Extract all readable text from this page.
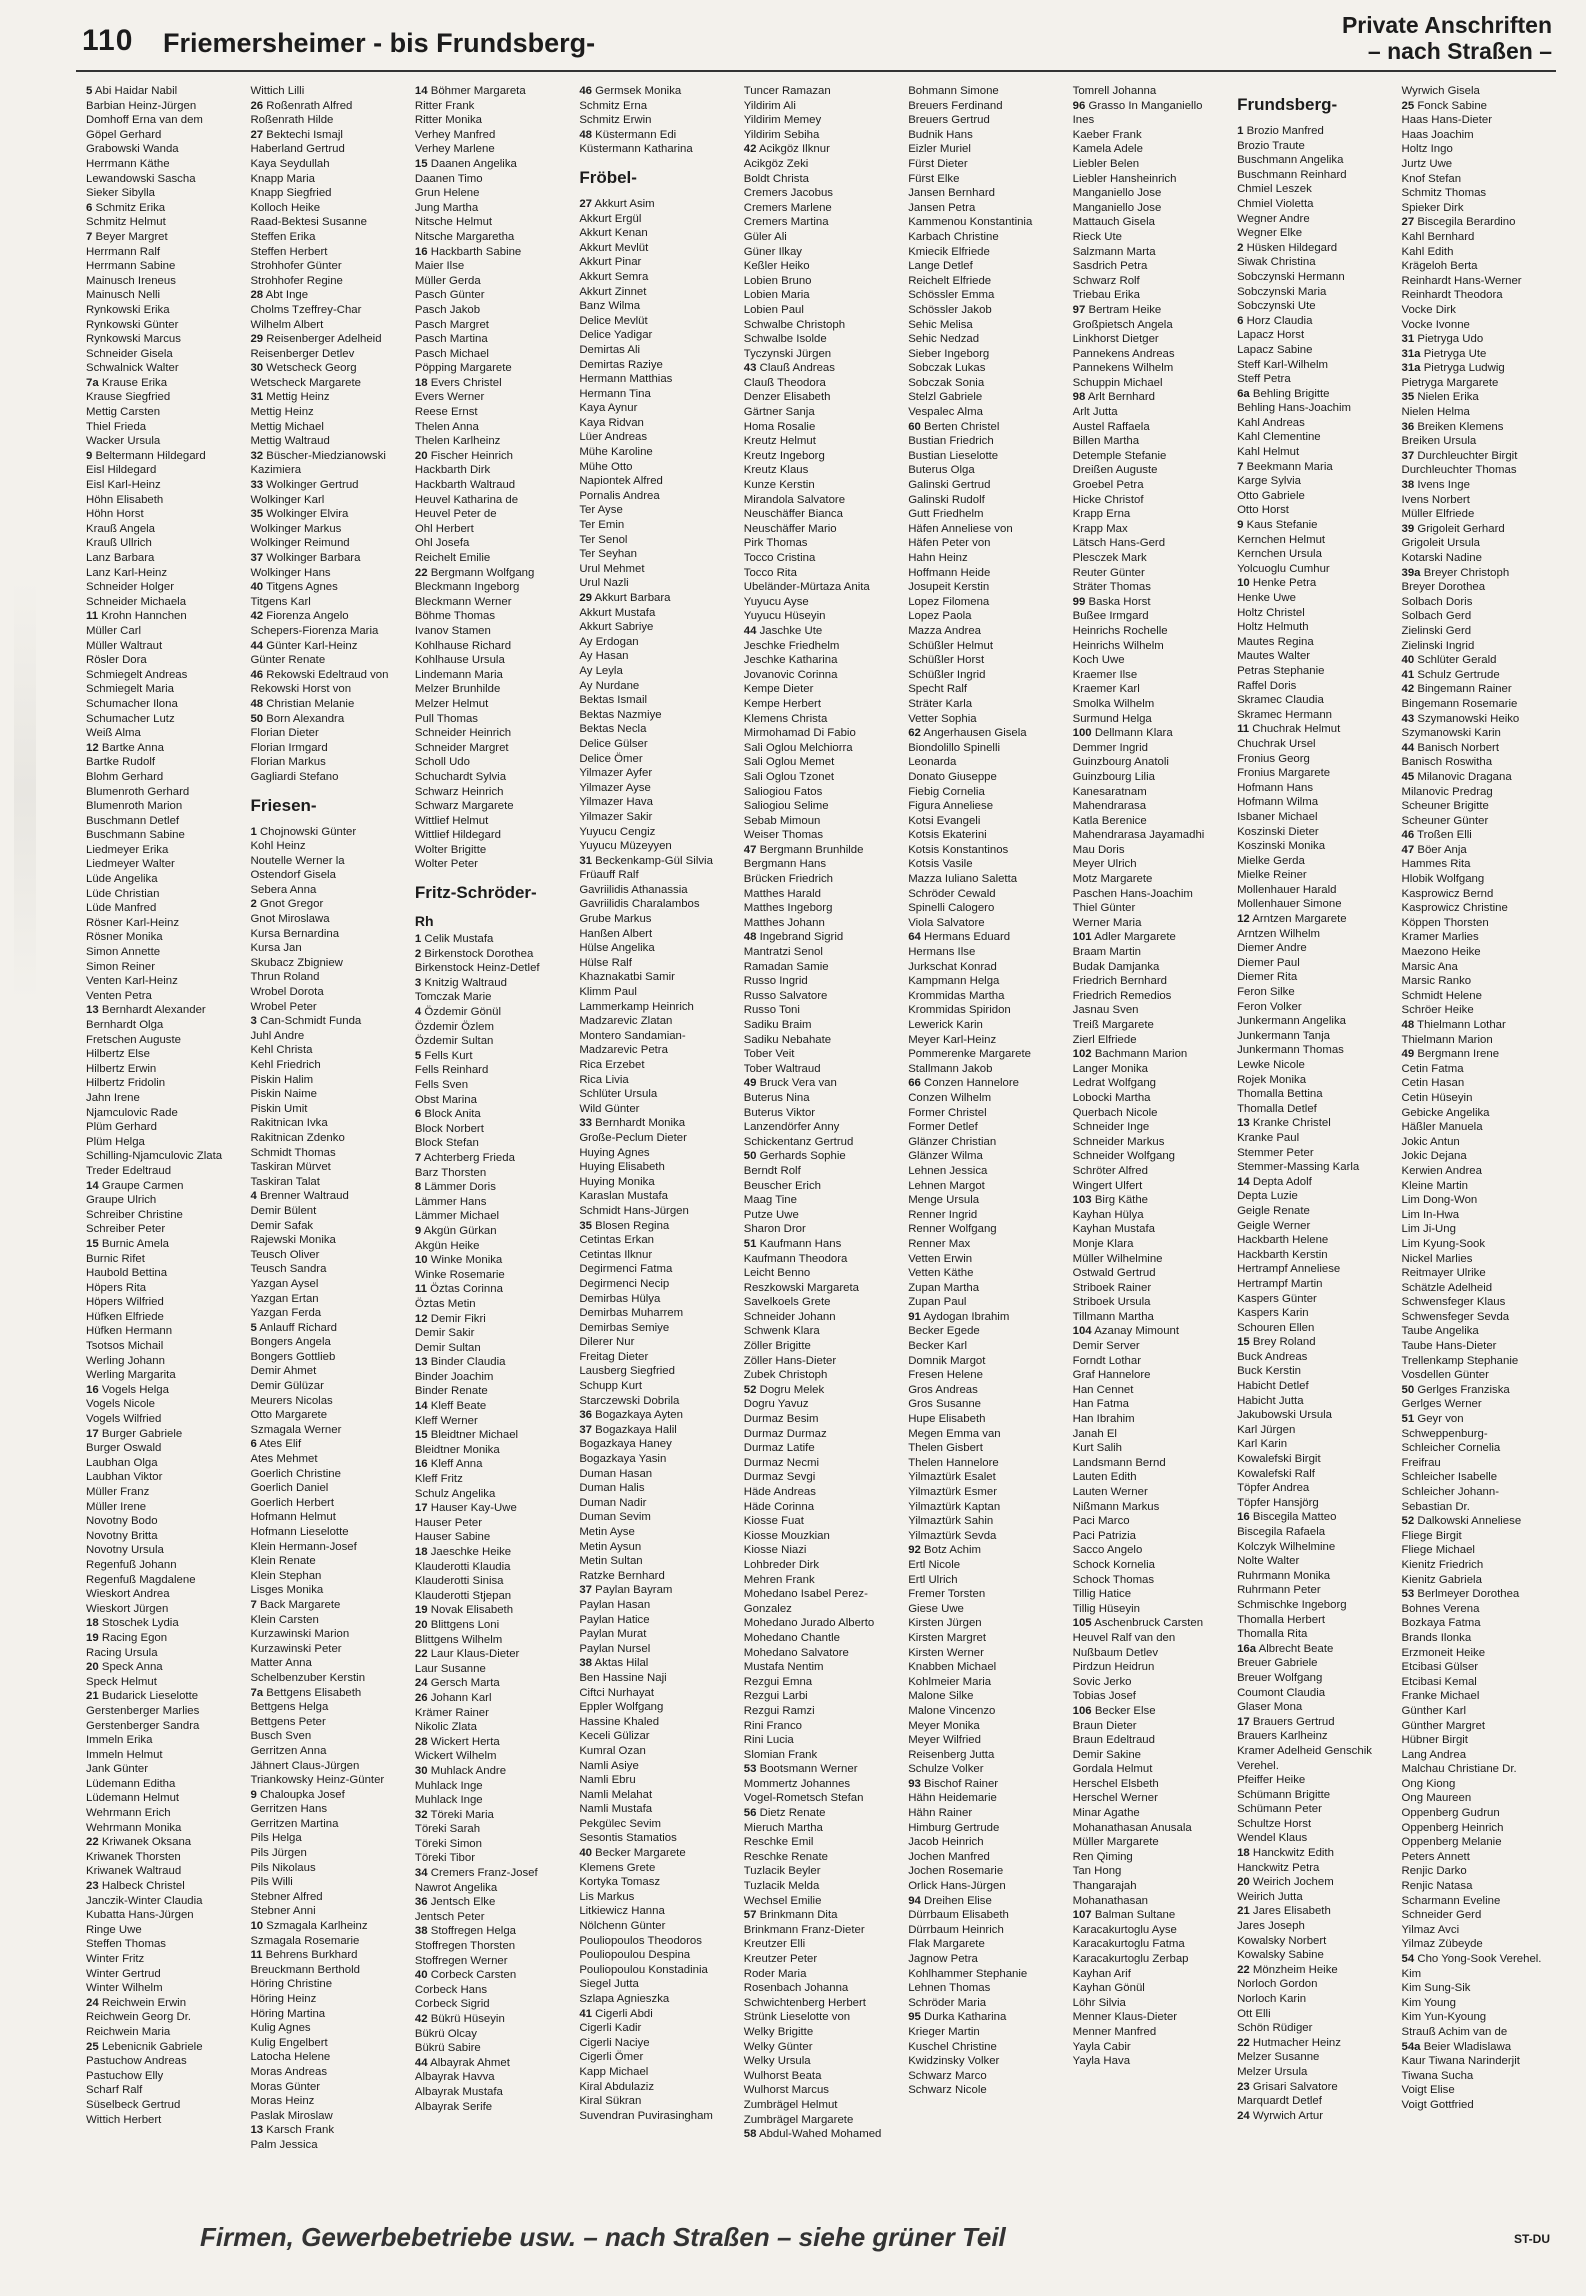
110 Friemersheimer - bis Frundsberg-
Private Anschriften
– nach Straßen –
5 Abi Haidar Nabil
Barbian Heinz-Jürgen
Domhoff Erna van dem
Göpel Gerhard
Grabowski Wanda
Herrmann Käthe
Lewandowski Sascha
Sieker Sibylla
6 Schmitz Erika
Schmitz Helmut
7 Beyer Margret
Herrmann Ralf
Herrmann Sabine
Mainusch Ireneus
Mainusch Nelli
Rynkowski Erika
Rynkowski Günter
Rynkowski Marcus
Schneider Gisela
Schwalnick Walter
7a Krause Erika
Krause Siegfried
Mettig Carsten
Thiel Frieda
Wacker Ursula
9 Beltermann Hildegard
Eisl Hildegard
Eisl Karl-Heinz
Höhn Elisabeth
Höhn Horst
Krauß Angela
Krauß Ullrich
Lanz Barbara
Lanz Karl-Heinz
Schneider Holger
Schneider Michaela
11 Krohn Hannchen
Müller Carl
Müller Waltraut
Rösler Dora
Schmiegelt Andreas
Schmiegelt Maria
Schumacher Ilona
Schumacher Lutz
Weiß Alma
12 Bartke Anna
Bartke Rudolf
Blohm Gerhard
Blumenroth Gerhard
Blumenroth Marion
Buschmann Detlef
Buschmann Sabine
Liedmeyer Erika
Liedmeyer Walter
Lüde Angelika
Lüde Christian
Lüde Manfred
Rösner Karl-Heinz
Rösner Monika
Simon Annette
Simon Reiner
Venten Karl-Heinz
Venten Petra
13 Bernhardt Alexander
Bernhardt Olga
Fretschen Auguste
Hilbertz Else
Hilbertz Erwin
Hilbertz Fridolin
Jahn Irene
Njamculovic Rade
Plüm Gerhard
Plüm Helga
Schilling-Njamculovic Zlata
Treder Edeltraud
14 Graupe Carmen
Graupe Ulrich
Schreiber Christine
Schreiber Peter
15 Burnic Amela
Burnic Rifet
Haubold Bettina
Höpers Rita
Höpers Wilfried
Hüfken Elfriede
Hüfken Hermann
Tsotsos Michail
Werling Johann
Werling Margarita
16 Vogels Helga
Vogels Nicole
Vogels Wilfried
17 Burger Gabriele
Burger Oswald
Laubhan Olga
Laubhan Viktor
Müller Franz
Müller Irene
Novotny Bodo
Novotny Britta
Novotny Ursula
Regenfuß Johann
Regenfuß Magdalene
Wieskort Andrea
Wieskort Jürgen
18 Stoschek Lydia
19 Racing Egon
Racing Ursula
20 Speck Anna
Speck Helmut
21 Budarick Lieselotte
Gerstenberger Marlies
Gerstenberger Sandra
Immeln Erika
Immeln Helmut
Jank Günter
Lüdemann Editha
Lüdemann Helmut
Wehrmann Erich
Wehrmann Monika
22 Kriwanek Oksana
Kriwanek Thorsten
Kriwanek Waltraud
23 Halbeck Christel
Janczik-Winter Claudia
Kubatta Hans-Jürgen
Ringe Uwe
Steffen Thomas
Winter Fritz
Winter Gertrud
Winter Wilhelm
24 Reichwein Erwin
Reichwein Georg Dr.
Reichwein Maria
25 Lebenicnik Gabriele
Pastuchow Andreas
Pastuchow Elly
Scharf Ralf
Süselbeck Gertrud
Wittich Herbert
Wittich Lilli
26 Roßenrath Alfred
Roßenrath Hilde
27 Bektechi Ismajl
Haberland Gertrud
Kaya Seydullah
Knapp Maria
Knapp Siegfried
Kolloch Heike
Raad-Bektesi Susanne
Steffen Erika
Steffen Herbert
Strohhofer Günter
Strohhofer Regine
28 Abt Inge
Cholms Tzeffrey-Char
Wilhelm Albert
29 Reisenberger Adelheid
Reisenberger Detlev
30 Wetscheck Georg
Wetscheck Margarete
31 Mettig Heinz
Mettig Heinz
Mettig Michael
Mettig Waltraud
32 Büscher-Miedzianowski
Kazimiera
33 Wolkinger Gertrud
Wolkinger Karl
35 Wolkinger Elvira
Wolkinger Markus
Wolkinger Reimund
37 Wolkinger Barbara
Wolkinger Hans
40 Titgens Agnes
Titgens Karl
42 Fiorenza Angelo
Schepers-Fiorenza Maria
44 Günter Karl-Heinz
Günter Renate
46 Rekowski Edeltraud von
Rekowski Horst von
48 Christian Melanie
50 Born Alexandra
Florian Dieter
Florian Irmgard
Florian Markus
Gagliardi Stefano
Friesen-
1 Chojnowski Günter
Kohl Heinz
Noutelle Werner la
Ostendorf Gisela
Sebera Anna
2 Gnot Gregor
Gnot Miroslawa
Kursa Bernardina
Kursa Jan
Skubacz Zbigniew
Thrun Roland
Wrobel Dorota
Wrobel Peter
3 Can-Schmidt Funda
Juhl Andre
Kehl Christa
Kehl Friedrich
Piskin Halim
Piskin Naime
Piskin Umit
Rakitnican Ivka
Rakitnican Zdenko
Schmidt Thomas
Taskiran Mürvet
Taskiran Talat
4 Brenner Waltraud
Demir Bülent
Demir Safak
Rajewski Monika
Teusch Oliver
Teusch Sandra
Yazgan Aysel
Yazgan Ertan
Yazgan Ferda
5 Anlauff Richard
Bongers Angela
Bongers Gottlieb
Demir Ahmet
Demir Gülüzar
Meurers Nicolas
Otto Margarete
Szmagala Werner
6 Ates Elif
Ates Mehmet
Goerlich Christine
Goerlich Daniel
Goerlich Herbert
Hofmann Helmut
Hofmann Lieselotte
Klein Hermann-Josef
Klein Renate
Klein Stephan
Lisges Monika
7 Back Margarete
Klein Carsten
Kurzawinski Marion
Kurzawinski Peter
Matter Anna
Schelbenzuber Kerstin
7a Bettgens Elisabeth
Bettgens Helga
Bettgens Peter
Busch Sven
Gerritzen Anna
Jähnert Claus-Jürgen
Triankowsky Heinz-Günter
9 Chaloupka Josef
Gerritzen Hans
Gerritzen Martina
Pils Helga
Pils Jürgen
Pils Nikolaus
Pils Willi
Stebner Alfred
Stebner Anni
10 Szmagala Karlheinz
Szmagala Rosemarie
11 Behrens Burkhard
Breuckmann Berthold
Höring Christine
Höring Heinz
Höring Martina
Kulig Agnes
Kulig Engelbert
Latocha Helene
Moras Andreas
Moras Günter
Moras Heinz
Paslak Miroslaw
13 Karsch Frank
Palm Jessica
14 Böhmer Margareta
Ritter Frank
Ritter Monika
Verhey Manfred
Verhey Marlene
15 Daanen Angelika
Daanen Timo
Grun Helene
Jung Martha
Nitsche Helmut
Nitsche Margaretha
16 Hackbarth Sabine
Maier Ilse
Müller Gerda
Pasch Günter
Pasch Jakob
Pasch Margret
Pasch Martina
Pasch Michael
Pöpping Margarete
18 Evers Christel
Evers Werner
Reese Ernst
Thelen Anna
Thelen Karlheinz
20 Fischer Heinrich
Hackbarth Dirk
Hackbarth Waltraud
Heuvel Katharina de
Heuvel Peter de
Ohl Herbert
Ohl Josefa
Reichelt Emilie
22 Bergmann Wolfgang
Bleckmann Ingeborg
Bleckmann Werner
Böhme Thomas
Ivanov Stamen
Kohlhause Richard
Kohlhause Ursula
Lindemann Maria
Melzer Brunhilde
Melzer Helmut
Pull Thomas
Schneider Heinrich
Schneider Margret
Scholl Udo
Schuchardt Sylvia
Schwarz Heinrich
Schwarz Margarete
Wittlief Helmut
Wittlief Hildegard
Wolter Brigitte
Wolter Peter
Fritz-Schröder-
Rh
1 Celik Mustafa
2 Birkenstock Dorothea
Birkenstock Heinz-Detlef
3 Knitzig Waltraud
Tomczak Marie
4 Özdemir Gönül
Özdemir Özlem
Özdemir Sultan
5 Fells Kurt
Fells Reinhard
Fells Sven
Obst Marina
6 Block Anita
Block Norbert
Block Stefan
7 Achterberg Frieda
Barz Thorsten
8 Lämmer Doris
Lämmer Hans
Lämmer Michael
9 Akgün Gürkan
Akgün Heike
10 Winke Monika
Winke Rosemarie
11 Öztas Corinna
Öztas Metin
12 Demir Fikri
Demir Sakir
Demir Sultan
13 Binder Claudia
Binder Joachim
Binder Renate
14 Kleff Beate
Kleff Werner
15 Bleidtner Michael
Bleidtner Monika
16 Kleff Anna
Kleff Fritz
Schulz Angelika
17 Hauser Kay-Uwe
Hauser Peter
Hauser Sabine
18 Jaeschke Heike
Klauderotti Klaudia
Klauderotti Sinisa
Klauderotti Stjepan
19 Novak Elisabeth
20 Blittgens Loni
Blittgens Wilhelm
22 Laur Klaus-Dieter
Laur Susanne
24 Gersch Marta
26 Johann Karl
Krämer Rainer
Nikolic Zlata
28 Wickert Herta
Wickert Wilhelm
30 Muhlack Andre
Muhlack Inge
Muhlack Inge
32 Töreki Maria
Töreki Sarah
Töreki Simon
Töreki Tibor
34 Cremers Franz-Josef
Nawrot Angelika
36 Jentsch Elke
Jentsch Peter
38 Stoffregen Helga
Stoffregen Thorsten
Stoffregen Werner
40 Corbeck Carsten
Corbeck Hans
Corbeck Sigrid
42 Bükrü Hüseyin
Bükrü Olcay
Bükrü Sabire
44 Albayrak Ahmet
Albayrak Havva
Albayrak Mustafa
Albayrak Serife
46 Germsek Monika
Schmitz Erna
Schmitz Erwin
48 Küstermann Edi
Küstermann Katharina
Fröbel-
27 Akkurt Asim
Akkurt Ergül
Akkurt Kenan
Akkurt Mevlüt
Akkurt Pinar
Akkurt Semra
Akkurt Zinnet
Banz Wilma
Delice Mevlüt
Delice Yadigar
Demirtas Ali
Demirtas Raziye
Hermann Matthias
Hermann Tina
Kaya Aynur
Kaya Ridvan
Lüer Andreas
Mühe Karoline
Mühe Otto
Napiontek Alfred
Pornalis Andrea
Ter Ayse
Ter Emin
Ter Senol
Ter Seyhan
Urul Mehmet
Urul Nazli
29 Akkurt Barbara
Akkurt Mustafa
Akkurt Sabriye
Ay Erdogan
Ay Hasan
Ay Leyla
Ay Nurdane
Bektas Ismail
Bektas Nazmiye
Bektas Necla
Delice Gülser
Delice Ömer
Yilmazer Ayfer
Yilmazer Ayse
Yilmazer Hava
Yilmazer Sakir
Yuyucu Cengiz
Yuyucu Müzeyyen
31 Beckenkamp-Gül Silvia
Früauff Ralf
Gavriilidis Athanassia
Gavriilidis Charalambos
Grube Markus
Hanßen Albert
Hülse Angelika
Hülse Ralf
Khaznakatbi Samir
Klimm Paul
Lammerkamp Heinrich
Madzarevic Zlatan
Montero Sandamian-
Madzarevic Petra
Rica Erzebet
Rica Livia
Schlüter Ursula
Wild Günter
33 Bernhardt Monika
Große-Peclum Dieter
Huying Agnes
Huying Elisabeth
Huying Monika
Karaslan Mustafa
Schmidt Hans-Jürgen
35 Blosen Regina
Cetintas Erkan
Cetintas Ilknur
Degirmenci Fatma
Degirmenci Necip
Demirbas Hülya
Demirbas Muharrem
Demirbas Semiye
Dilerer Nur
Freitag Dieter
Lausberg Siegfried
Schupp Kurt
Starczewski Dobrila
36 Bogazkaya Ayten
37 Bogazkaya Halil
Bogazkaya Haney
Bogazkaya Yasin
Duman Hasan
Duman Halis
Duman Nadir
Duman Sevim
Metin Ayse
Metin Aysun
Metin Sultan
Ratzke Bernhard
37 Paylan Bayram
Paylan Hasan
Paylan Hatice
Paylan Murat
Paylan Nursel
38 Aktas Hilal
Ben Hassine Naji
Ciftci Nurhayat
Eppler Wolfgang
Hassine Khaled
Keceli Gülizar
Kumral Ozan
Namli Asiye
Namli Ebru
Namli Melahat
Namli Mustafa
Pekgülec Sevim
Sesontis Stamatios
40 Becker Margarete
Klemens Grete
Kortyka Tomasz
Lis Markus
Litkiewicz Hanna
Nölchenn Günter
Pouliopoulos Theodoros
Pouliopoulou Despina
Pouliopoulou Konstadinia
Siegel Jutta
Szlapa Agnieszka
41 Cigerli Abdi
Cigerli Kadir
Cigerli Naciye
Cigerli Ömer
Kapp Michael
Kiral Abdulaziz
Kiral Sükran
Suvendran Puvirasingham
Tuncer Ramazan
Yildirim Ali
Yildirim Memey
Yildirim Sebiha
42 Acikgöz Ilknur
Acikgöz Zeki
Boldt Christa
Cremers Jacobus
Cremers Marlene
Cremers Martina
Güler Ali
Güner Ilkay
Keßler Heiko
Lobien Bruno
Lobien Maria
Lobien Paul
Schwalbe Christoph
Schwalbe Isolde
Tyczynski Jürgen
43 Clauß Andreas
Clauß Theodora
Denzer Elisabeth
Gärtner Sanja
Homa Rosalie
Kreutz Helmut
Kreutz Ingeborg
Kreutz Klaus
Kunze Kerstin
Mirandola Salvatore
Neuschäffer Bianca
Neuschäffer Mario
Pirk Thomas
Tocco Cristina
Tocco Rita
Ubeländer-Mürtaza Anita
Yuyucu Ayse
Yuyucu Hüseyin
44 Jaschke Ute
Jeschke Friedhelm
Jeschke Katharina
Jovanovic Corinna
Kempe Dieter
Kempe Herbert
Klemens Christa
Mirmohamad Di Fabio
Sali Oglou Melchiorra
Sali Oglou Memet
Sali Oglou Tzonet
Saliogiou Fatos
Saliogiou Selime
Sebab Mimoun
Weiser Thomas
47 Bergmann Brunhilde
Bergmann Hans
Brücken Friedrich
Matthes Harald
Matthes Ingeborg
Matthes Johann
48 Ingebrand Sigrid
Mantratzi Senol
Ramadan Samie
Russo Ingrid
Russo Salvatore
Russo Toni
Sadiku Braim
Sadiku Nebahate
Tober Veit
Tober Waltraud
49 Bruck Vera van
Buterus Nina
Buterus Viktor
Lanzendörfer Anny
Schickentanz Gertrud
50 Gerhards Sophie
Berndt Rolf
Beuscher Erich
Maag Tine
Putze Uwe
Sharon Dror
51 Kaufmann Hans
Kaufmann Theodora
Leicht Benno
Reszkowski Margareta
Savelkoels Grete
Schneider Johann
Schwenk Klara
Zöller Brigitte
Zöller Hans-Dieter
Zubek Christoph
52 Dogru Melek
Dogru Yavuz
Durmaz Besim
Durmaz Durmaz
Durmaz Latife
Durmaz Necmi
Durmaz Sevgi
Häde Andreas
Häde Corinna
Kiosse Fuat
Kiosse Mouzkian
Kiosse Niazi
Lohbreder Dirk
Mehren Frank
Mohedano Isabel Perez-
Gonzalez
Mohedano Jurado Alberto
Mohedano Chantle
Mohedano Salvatore
Mustafa Nentim
Rezgui Emna
Rezgui Larbi
Rezgui Ramzi
Rini Franco
Rini Lucia
Slomian Frank
53 Bootsmann Werner
Mommertz Johannes
Vogel-Rometsch Stefan
56 Dietz Renate
Mieruch Martha
Reschke Emil
Reschke Renate
Tuzlacik Beyler
Tuzlacik Melda
Wechsel Emilie
57 Brinkmann Dita
Brinkmann Franz-Dieter
Kreutzer Elli
Kreutzer Peter
Roder Maria
Rosenbach Johanna
Schwichtenberg Herbert
Strünk Lieselotte von
Welky Brigitte
Welky Günter
Welky Ursula
Wulhorst Beata
Wulhorst Marcus
Zumbrägel Helmut
Zumbrägel Margarete
58 Abdul-Wahed Mohamed
Bohmann Simone
Breuers Ferdinand
Breuers Gertrud
Budnik Hans
Eizler Muriel
Fürst Dieter
Fürst Elke
Jansen Bernhard
Jansen Petra
Kammenou Konstantinia
Karbach Christine
Kmiecik Elfriede
Lange Detlef
Reichelt Elfriede
Schössler Emma
Schössler Jakob
Sehic Melisa
Sehic Nedzad
Sieber Ingeborg
Sobczak Lukas
Sobczak Sonia
Stelzl Gabriele
Vespalec Alma
60 Berten Christel
Bustian Friedrich
Bustian Lieselotte
Buterus Olga
Galinski Gertrud
Galinski Rudolf
Gutt Friedhelm
Häfen Anneliese von
Häfen Peter von
Hahn Heinz
Hoffmann Heide
Josupeit Kerstin
Lopez Filomena
Lopez Paola
Mazza Andrea
Schüßler Helmut
Schüßler Horst
Schüßler Ingrid
Specht Ralf
Sträter Karla
Vetter Sophia
62 Angerhausen Gisela
Biondolillo Spinelli
Leonarda
Donato Giuseppe
Fiebig Cornelia
Figura Anneliese
Kotsi Evangeli
Kotsis Ekaterini
Kotsis Konstantinos
Kotsis Vasile
Mazza Iuliano Saletta
Schröder Cewald
Spinelli Calogero
Viola Salvatore
64 Hermans Eduard
Hermans Ilse
Jurkschat Konrad
Kampmann Helga
Krommidas Martha
Krommidas Spiridon
Lewerick Karin
Meyer Karl-Heinz
Pommerenke Margarete
Stallmann Jakob
66 Conzen Hannelore
Conzen Wilhelm
Former Christel
Former Detlef
Glänzer Christian
Glänzer Wilma
Lehnen Jessica
Lehnen Margot
Menge Ursula
Renner Ingrid
Renner Wolfgang
Renner Max
Vetten Erwin
Vetten Käthe
Zupan Martha
Zupan Paul
91 Aydogan Ibrahim
Becker Egede
Becker Karl
Domnik Margot
Fresen Helene
Gros Andreas
Gros Susanne
Hupe Elisabeth
Megen Emma van
Thelen Gisbert
Thelen Hannelore
Yilmaztürk Esalet
Yilmaztürk Esmer
Yilmaztürk Kaptan
Yilmaztürk Sahin
Yilmaztürk Sevda
92 Botz Achim
Ertl Nicole
Ertl Ulrich
Fremer Torsten
Giese Uwe
Kirsten Jürgen
Kirsten Margret
Kirsten Werner
Knabben Michael
Kohlmeier Maria
Malone Silke
Malone Vincenzo
Meyer Monika
Meyer Wilfried
Reisenberg Jutta
Schulze Volker
93 Bischof Rainer
Hähn Heidemarie
Hähn Rainer
Himburg Gertrude
Jacob Heinrich
Jochen Manfred
Jochen Rosemarie
Orlick Hans-Jürgen
94 Dreihen Elise
Dürrbaum Elisabeth
Dürrbaum Heinrich
Flak Margarete
Jagnow Petra
Kohlhammer Stephanie
Lehnen Thomas
Schröder Maria
95 Durka Katharina
Krieger Martin
Kuschel Christine
Kwidzinsky Volker
Schwarz Marco
Schwarz Nicole
Tomrell Johanna
96 Grasso In Manganiello
Ines
Kaeber Frank
Kamela Adele
Liebler Belen
Liebler Hansheinrich
Manganiello Jose
Manganiello Jose
Mattauch Gisela
Rieck Ute
Salzmann Marta
Sasdrich Petra
Schwarz Rolf
Triebau Erika
97 Bertram Heike
Großpietsch Angela
Linkhorst Dietger
Pannekens Andreas
Pannekens Wilhelm
Schuppin Michael
98 Arlt Bernhard
Arlt Jutta
Austel Raffaela
Billen Martha
Detemple Stefanie
Dreißen Auguste
Groebel Petra
Hicke Christof
Krapp Erna
Krapp Max
Lätsch Hans-Gerd
Plesczek Mark
Reuter Günter
Sträter Thomas
99 Baska Horst
Bußee Irmgard
Heinrichs Rochelle
Heinrichs Wilhelm
Koch Uwe
Kraemer Ilse
Kraemer Karl
Smolka Wilhelm
Surmund Helga
100 Dellmann Klara
Demmer Ingrid
Guinzbourg Anatoli
Guinzbourg Lilia
Kanesaratnam
Mahendrarasa
Katla Berenice
Mahendrarasa Jayamadhi
Mau Doris
Meyer Ulrich
Motz Margarete
Paschen Hans-Joachim
Thiel Günter
Werner Maria
101 Adler Margarete
Braam Martin
Budak Damjanka
Friedrich Bernhard
Friedrich Remedios
Jasnau Sven
Treiß Margarete
Zierl Elfriede
102 Bachmann Marion
Langer Monika
Ledrat Wolfgang
Lobocki Martha
Querbach Nicole
Schneider Inge
Schneider Markus
Schneider Wolfgang
Schröter Alfred
Wingert Ulfert
103 Birg Käthe
Kayhan Hülya
Kayhan Mustafa
Monje Klara
Müller Wilhelmine
Ostwald Gertrud
Striboek Rainer
Striboek Ursula
Tillmann Martha
104 Azanay Mimount
Demir Server
Forndt Lothar
Graf Hannelore
Han Cennet
Han Fatma
Han Ibrahim
Janah El
Kurt Salih
Landsmann Bernd
Lauten Edith
Lauten Werner
Nißmann Markus
Paci Marco
Paci Patrizia
Sacco Angelo
Schock Kornelia
Schock Thomas
Tillig Hatice
Tillig Hüseyin
105 Aschenbruck Carsten
Heuvel Ralf van den
Nußbaum Detlev
Pirdzun Heidrun
Sovic Jerko
Tobias Josef
106 Becker Else
Braun Dieter
Braun Edeltraud
Demir Sakine
Gordala Helmut
Herschel Elsbeth
Herschel Werner
Minar Agathe
Mohanathasan Anusala
Müller Margarete
Ren Qiming
Tan Hong
Thangarajah
Mohanathasan
107 Balman Sultane
Karacakurtoglu Ayse
Karacakurtoglu Fatma
Karacakurtoglu Zerbap
Kayhan Arif
Kayhan Gönül
Löhr Silvia
Menner Klaus-Dieter
Menner Manfred
Yayla Cabir
Yayla Hava
Frundsberg-
1 Brozio Manfred
Brozio Traute
Buschmann Angelika
Buschmann Reinhard
Chmiel Leszek
Chmiel Violetta
Wegner Andre
Wegner Elke
2 Hüsken Hildegard
Siwak Christina
Sobczynski Hermann
Sobczynski Maria
Sobczynski Ute
6 Horz Claudia
Lapacz Horst
Lapacz Sabine
Steff Karl-Wilhelm
Steff Petra
6a Behling Brigitte
Behling Hans-Joachim
Kahl Andreas
Kahl Clementine
Kahl Helmut
7 Beekmann Maria
Karge Sylvia
Otto Gabriele
Otto Horst
9 Kaus Stefanie
Kernchen Helmut
Kernchen Ursula
Yolcuoglu Cumhur
10 Henke Petra
Henke Uwe
Holtz Christel
Holtz Helmuth
Mautes Regina
Mautes Walter
Petras Stephanie
Raffel Doris
Skramec Claudia
Skramec Hermann
11 Chuchrak Helmut
Chuchrak Ursel
Fronius Georg
Fronius Margarete
Hofmann Hans
Hofmann Wilma
Isbaner Michael
Koszinski Dieter
Koszinski Monika
Mielke Gerda
Mielke Reiner
Mollenhauer Harald
Mollenhauer Simone
12 Arntzen Margarete
Arntzen Wilhelm
Diemer Andre
Diemer Paul
Diemer Rita
Feron Silke
Feron Volker
Junkermann Angelika
Junkermann Tanja
Junkermann Thomas
Lewke Nicole
Rojek Monika
Thomalla Bettina
Thomalla Detlef
13 Kranke Christel
Kranke Paul
Stemmer Peter
Stemmer-Massing Karla
14 Depta Adolf
Depta Luzie
Geigle Renate
Geigle Werner
Hackbarth Helene
Hackbarth Kerstin
Hertrampf Anneliese
Hertrampf Martin
Kaspers Günter
Kaspers Karin
Schouren Ellen
15 Brey Roland
Buck Andreas
Buck Kerstin
Habicht Detlef
Habicht Jutta
Jakubowski Ursula
Karl Jürgen
Karl Karin
Kowalefski Birgit
Kowalefski Ralf
Töpfer Andrea
Töpfer Hansjörg
16 Biscegila Matteo
Biscegila Rafaela
Kolczyk Wilhelmine
Nolte Walter
Ruhrmann Monika
Ruhrmann Peter
Schmischke Ingeborg
Thomalla Herbert
Thomalla Rita
16a Albrecht Beate
Breuer Gabriele
Breuer Wolfgang
Coumont Claudia
Glaser Mona
17 Brauers Gertrud
Brauers Karlheinz
Kramer Adelheid Genschik
Verehel.
Pfeiffer Heike
Schümann Brigitte
Schümann Peter
Schultze Horst
Wendel Klaus
18 Hanckwitz Edith
Hanckwitz Petra
20 Weirich Jochem
Weirich Jutta
21 Jares Elisabeth
Jares Joseph
Kowalsky Norbert
Kowalsky Sabine
22 Mönzheim Heike
Norloch Gordon
Norloch Karin
Ott Elli
Schön Rüdiger
22 Hutmacher Heinz
Melzer Susanne
Melzer Ursula
23 Grisari Salvatore
Marquardt Detlef
24 Wyrwich Artur
Wyrwich Gisela
25 Fonck Sabine
Haas Hans-Dieter
Haas Joachim
Holtz Ingo
Jurtz Uwe
Knof Stefan
Schmitz Thomas
Spieker Dirk
27 Biscegila Berardino
Kahl Bernhard
Kahl Edith
Krägeloh Berta
Reinhardt Hans-Werner
Reinhardt Theodora
Vocke Dirk
Vocke Ivonne
31 Pietryga Udo
31a Pietryga Ute
31a Pietryga Ludwig
Pietryga Margarete
35 Nielen Erika
Nielen Helma
36 Breiken Klemens
Breiken Ursula
37 Durchleuchter Birgit
Durchleuchter Thomas
38 Ivens Inge
Ivens Norbert
Müller Elfriede
39 Grigoleit Gerhard
Grigoleit Ursula
Kotarski Nadine
39a Breyer Christoph
Breyer Dorothea
Solbach Doris
Solbach Gerd
Zielinski Gerd
Zielinski Ingrid
40 Schlüter Gerald
41 Schulz Gertrude
42 Bingemann Rainer
Bingemann Rosemarie
43 Szymanowski Heiko
Szymanowski Karin
44 Banisch Norbert
Banisch Roswitha
45 Milanovic Dragana
Milanovic Predrag
Scheuner Brigitte
Scheuner Günter
46 Troßen Elli
47 Böer Anja
Hammes Rita
Hlobik Wolfgang
Kasprowicz Bernd
Kasprowicz Christine
Köppen Thorsten
Kramer Marlies
Maezono Heike
Marsic Ana
Marsic Ranko
Schmidt Helene
Schröer Heike
48 Thielmann Lothar
Thielmann Marion
49 Bergmann Irene
Cetin Fatma
Cetin Hasan
Cetin Hüseyin
Gebicke Angelika
Häßler Manuela
Jokic Antun
Jokic Dejana
Kerwien Andrea
Kleine Martin
Lim Dong-Won
Lim In-Hwa
Lim Ji-Ung
Lim Kyung-Sook
Nickel Marlies
Reitmayer Ulrike
Schätzle Adelheid
Schwensfeger Klaus
Schwensfeger Sevda
Taube Angelika
Taube Hans-Dieter
Trellenkamp Stephanie
Vosdellen Günter
50 Gerlges Franziska
Gerlges Werner
51 Geyr von
Schweppenburg-
Schleicher Cornelia
Freifrau
Schleicher Isabelle
Schleicher Johann-
Sebastian Dr.
52 Dalkowski Anneliese
Fliege Birgit
Fliege Michael
Kienitz Friedrich
Kienitz Gabriela
53 Berlmeyer Dorothea
Bohnes Verena
Bozkaya Fatma
Brands Ilonka
Erzmoneit Heike
Etcibasi Gülser
Etcibasi Kemal
Franke Michael
Günther Karl
Günther Margret
Hübner Birgit
Lang Andrea
Malchau Christiane Dr.
Ong Kiong
Ong Maureen
Oppenberg Gudrun
Oppenberg Heinrich
Oppenberg Melanie
Peters Annett
Renjic Darko
Renjic Natasa
Scharmann Eveline
Schneider Gerd
Yilmaz Avci
Yilmaz Zübeyde
54 Cho Yong-Sook Verehel.
Kim
Kim Sung-Sik
Kim Young
Kim Yun-Kyoung
Strauß Achim van de
54a Beier Wladislawa
Kaur Tiwana Narinderjit
Tiwana Sucha
Voigt Elise
Voigt Gottfried
Firmen, Gewerbebetriebe usw. – nach Straßen – siehe grüner Teil	ST-DU
